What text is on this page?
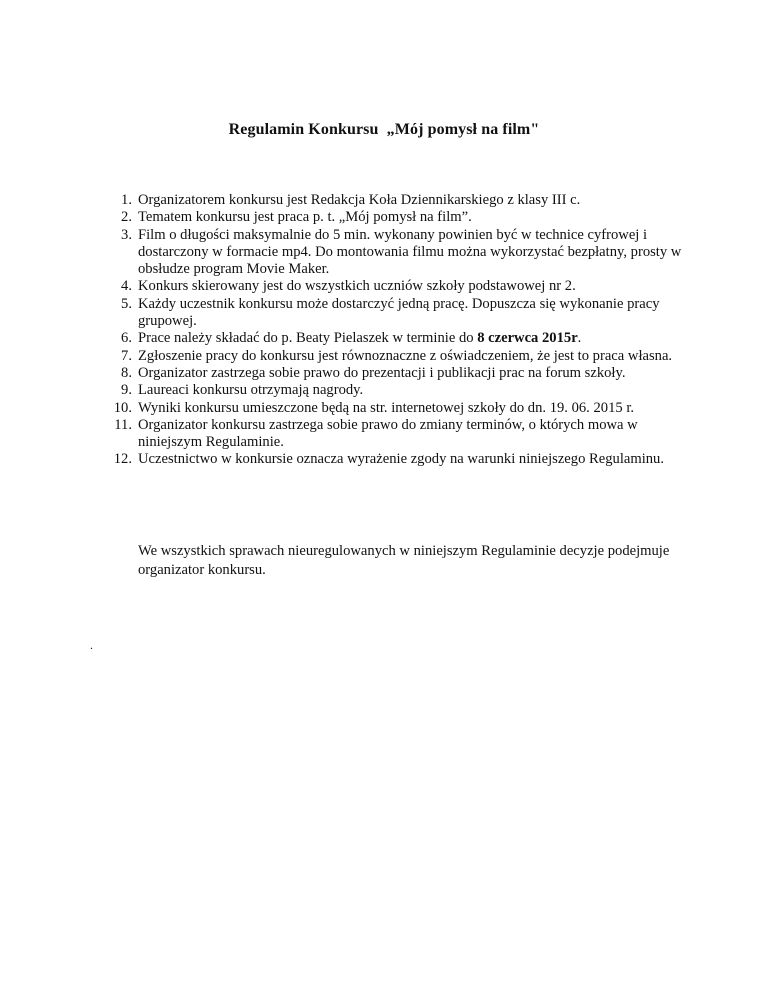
Regulamin Konkursu  „Mój pomysł na film"
1. Organizatorem konkursu jest Redakcja Koła Dziennikarskiego z klasy III c.
2. Tematem konkursu jest praca p. t. „Mój pomysł na film”.
3. Film o długości maksymalnie do 5 min. wykonany powinien być w technice cyfrowej i dostarczony w formacie mp4. Do montowania filmu można wykorzystać bezpłatny, prosty w obsłudze program Movie Maker.
4. Konkurs skierowany jest do wszystkich uczniów szkoły podstawowej nr 2.
5. Każdy uczestnik konkursu może dostarczyć jedną pracę. Dopuszcza się wykonanie pracy grupowej.
6. Prace należy składać do p. Beaty Pielaszek w terminie do 8 czerwca 2015r.
7. Zgłoszenie pracy do konkursu jest równoznaczne z oświadczeniem, że jest to praca własna.
8. Organizator zastrzega sobie prawo do prezentacji i publikacji prac na forum szkoły.
9. Laureaci konkursu otrzymają nagrody.
10. Wyniki konkursu umieszczone będą na str. internetowej szkoły do dn. 19. 06. 2015 r.
11. Organizator konkursu zastrzega sobie prawo do zmiany terminów, o których mowa w niniejszym Regulaminie.
12. Uczestnictwo w konkursie oznacza wyrażenie zgody na warunki niniejszego Regulaminu.

We wszystkich sprawach nieuregulowanych w niniejszym Regulaminie decyzje podejmuje organizator konkursu.

.
